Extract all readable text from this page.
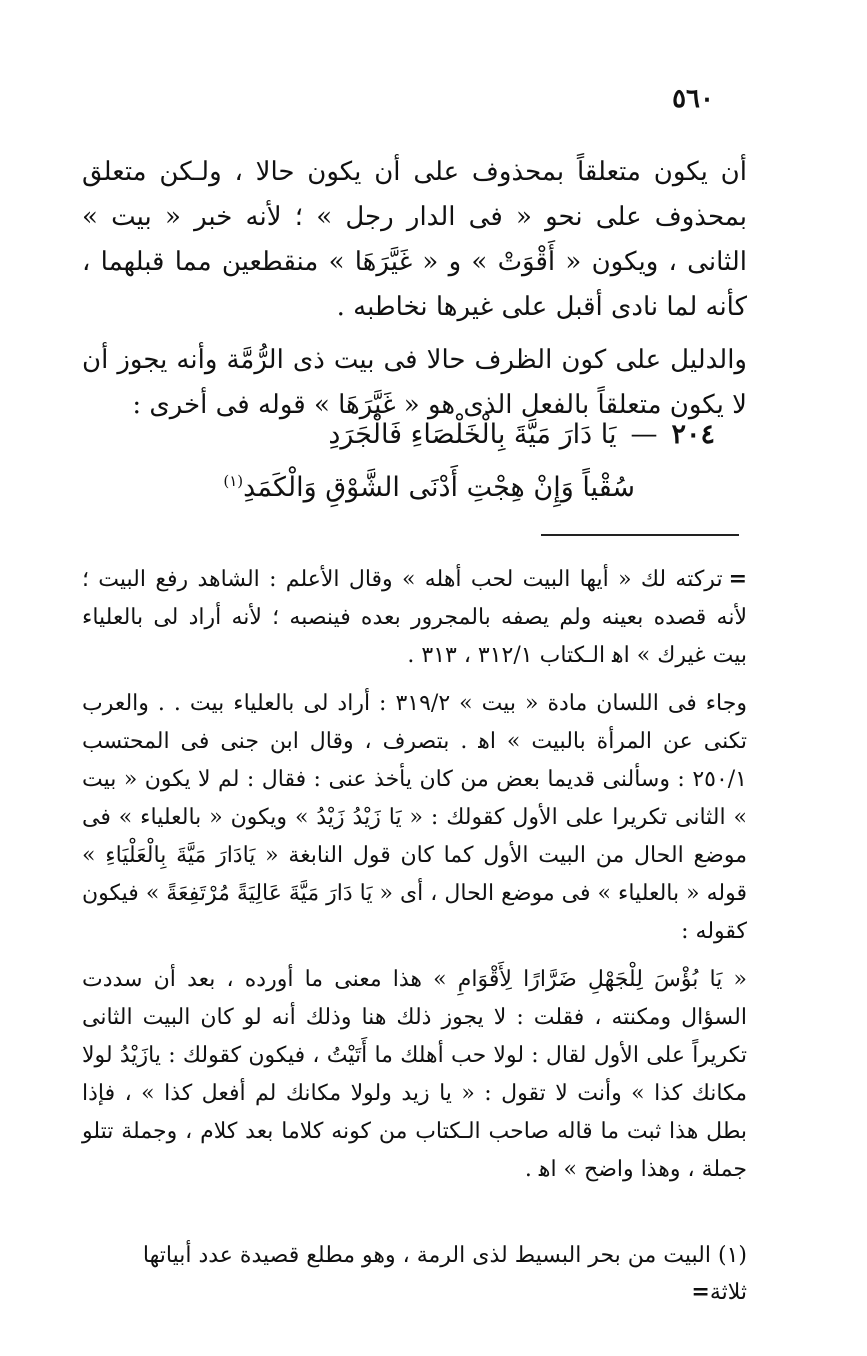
٥٦٠

أن يكون متعلقاً بمحذوف على أن يكون حالا ، ولـكن متعلق بمحذوف على نحو « فى الدار رجل » ؛ لأنه خبر « بيت » الثانى ، ويكون « أَقْوَتْ » و « غَيَّرَهَا » منقطعين مما قبلهما ، كأنه لما نادى أقبل على غيرها نخاطبه .

والدليل على كون الظرف حالا فى بيت ذى الرُّمَّة وأنه يجوز أن لا يكون متعلقاً بالفعل الذى هو « غَيَّرَهَا » قوله فى أخرى :

٢٠٤—يَا دَارَ مَيَّةَ بِالْخَلْصَاءِ فَالْجَرَدِ
سُقْياً وَإِنْ هِجْتِ أَدْنَى الشَّوْقِ وَالْكَمَدِ$^{(١)}$

=تركته لك « أيها البيت لحب أهله » وقال الأعلم : الشاهد رفع البيت ؛ لأنه قصده بعينه ولم يصفه بالمجرور بعده فينصبه ؛ لأنه أراد لى بالعلياء بيت غيرك » اﻫ الـكتاب ٣١٢/١ ، ٣١٣ .

وجاء فى اللسان مادة « بيت » ٣١٩/٢ : أراد لى بالعلياء بيت . . والعرب تكنى عن المرأة بالبيت » اﻫ . بتصرف ، وقال ابن جنى فى المحتسب ٢٥٠/١ : وسألنى قديما بعض من كان يأخذ عنى : فقال : لم لا يكون « بيت » الثانى تكريرا على الأول كقولك : « يَا زَيْدُ زَيْدُ » ويكون « بالعلياء » فى موضع الحال من البيت الأول كما كان قول النابغة « يَادَارَ مَيَّةَ بِالْعَلْيَاءِ » قوله « بالعلياء » فى موضع الحال ، أى « يَا دَارَ مَيَّةَ عَالِيَةً مُرْتَفِعَةً » فيكون كقوله :

« يَا بُؤْسَ لِلْجَهْلِ ضَرَّارًا لِأَقْوَامِ » هذا معنى ما أورده ، بعد أن سددت السؤال ومكنته ، فقلت : لا يجوز ذلك هنا وذلك أنه لو كان البيت الثانى تكريراً على الأول لقال : لولا حب أهلك ما أَتَيْتُ ، فيكون كقولك : يازَيْدُ لولا مكانك كذا » وأنت لا تقول : « يا زيد ولولا مكانك لم أفعل كذا » ، فإذا بطل هذا ثبت ما قاله صاحب الـكتاب من كونه كلاما بعد كلام ، وجملة تتلو جملة ، وهذا واضح » اﻫ .

(١) البيت من بحر البسيط لذى الرمة ، وهو مطلع قصيدة عدد أبياتها ثلاثة=
